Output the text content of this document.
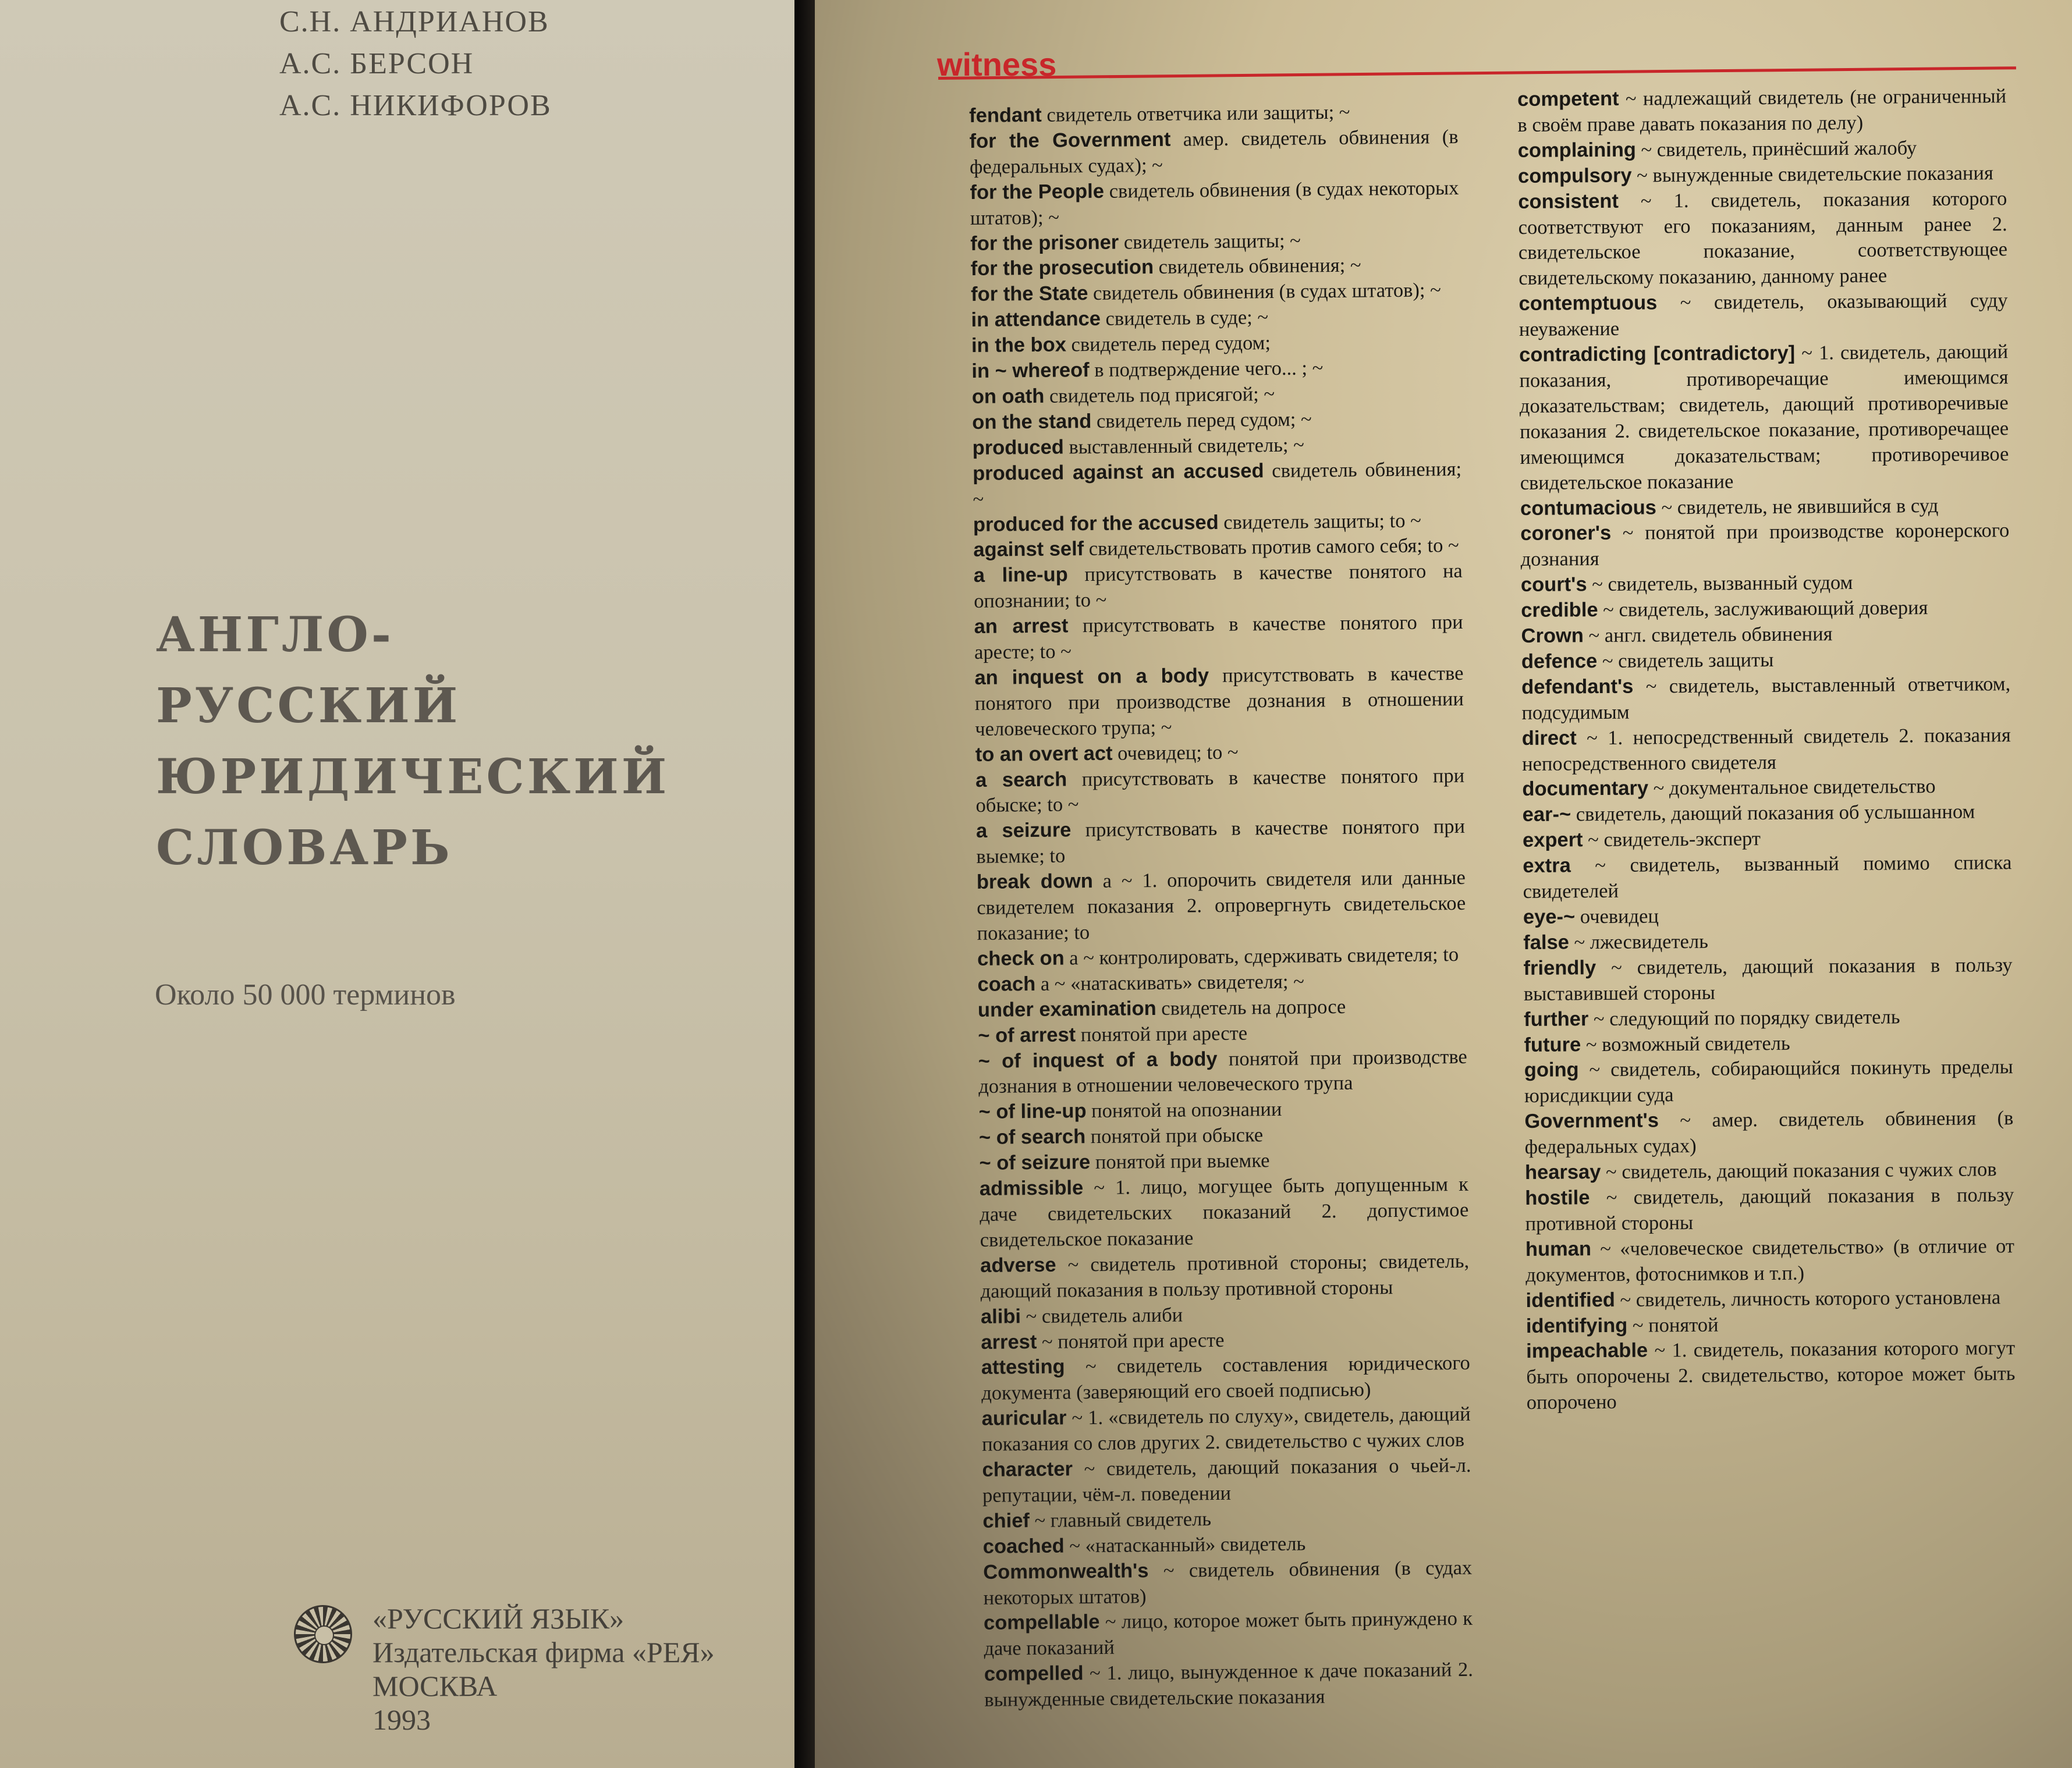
С.Н. АНДРИАНОВ
А.С. БЕРСОН
А.С. НИКИФОРОВ
АНГЛО-
РУССКИЙ
ЮРИДИЧЕСКИЙ
СЛОВАРЬ
Около 50 000 терминов
«РУССКИЙ ЯЗЫК»
Издательская фирма «РЕЯ»
МОСКВА
1993
witness

fendant свидетель ответчика или защиты; ~

for the Government амер. свидетель обвинения (в федеральных судах); ~

for the People свидетель обвинения (в судах некоторых штатов); ~

for the prisoner свидетель защиты; ~

for the prosecution свидетель обвинения; ~

for the State свидетель обвинения (в судах штатов); ~

in attendance свидетель в суде; ~

in the box свидетель перед судом;

in ~ whereof в подтверждение чего... ; ~

on oath свидетель под присягой; ~

on the stand свидетель перед судом; ~

produced выставленный свидетель; ~

produced against an accused свидетель обвинения; ~

produced for the accused свидетель защиты; to ~

against self свидетельствовать против самого себя; to ~

a line-up присутствовать в качестве понятого на опознании; to ~

an arrest присутствовать в качестве понятого при аресте; to ~

an inquest on a body присутствовать в качестве понятого при производстве дознания в отношении человеческого трупа; ~

to an overt act очевидец; to ~

a search присутствовать в качестве понятого при обыске; to ~

a seizure присутствовать в качестве понятого при выемке; to

break down a ~ 1. опорочить свидетеля или данные свидетелем показания 2. опровергнуть свидетельское показание; to

check on a ~ контролировать, сдерживать свидетеля; to

coach a ~ «натаскивать» свидетеля; ~

under examination свидетель на допросе

~ of arrest понятой при аресте

~ of inquest of a body понятой при производстве дознания в отношении человеческого трупа

~ of line-up понятой на опознании

~ of search понятой при обыске

~ of seizure понятой при выемке

admissible ~ 1. лицо, могущее быть допущенным к даче свидетельских показаний 2. допустимое свидетельское показание

adverse ~ свидетель противной стороны; свидетель, дающий показания в пользу противной стороны

alibi ~ свидетель алиби

arrest ~ понятой при аресте

attesting ~ свидетель составления юридического документа (заверяющий его своей подписью)

auricular ~ 1. «свидетель по слуху», свидетель, дающий показания со слов других 2. свидетельство с чужих слов

character ~ свидетель, дающий показания о чьей-л. репутации, чём-л. поведении

chief ~ главный свидетель

coached ~ «натасканный» свидетель

Commonwealth's ~ свидетель обвинения (в судах некоторых штатов)

compellable ~ лицо, которое может быть принуждено к даче показаний

compelled ~ 1. лицо, вынужденное к даче показаний 2. вынужденные свидетельские показания

competent ~ надлежащий свидетель (не ограниченный в своём праве давать показания по делу)

complaining ~ свидетель, принёсший жалобу

compulsory ~ вынужденные свидетельские показания

consistent ~ 1. свидетель, показания которого соответствуют его показаниям, данным ранее 2. свидетельское показание, соответствующее свидетельскому показанию, данному ранее

contemptuous ~ свидетель, оказывающий суду неуважение

contradicting [contradictory] ~ 1. свидетель, дающий показания, противоречащие имеющимся доказательствам; свидетель, дающий противоречивые показания 2. свидетельское показание, противоречащее имеющимся доказательствам; противоречивое свидетельское показание

contumacious ~ свидетель, не явившийся в суд

coroner's ~ понятой при производстве коронерского дознания

court's ~ свидетель, вызванный судом

credible ~ свидетель, заслуживающий доверия

Crown ~ англ. свидетель обвинения

defence ~ свидетель защиты

defendant's ~ свидетель, выставленный ответчиком, подсудимым

direct ~ 1. непосредственный свидетель 2. показания непосредственного свидетеля

documentary ~ документальное свидетельство

ear-~ свидетель, дающий показания об услышанном

expert ~ свидетель-эксперт

extra ~ свидетель, вызванный помимо списка свидетелей

eye-~ очевидец

false ~ лжесвидетель

friendly ~ свидетель, дающий показания в пользу выставившей стороны

further ~ следующий по порядку свидетель

future ~ возможный свидетель

going ~ свидетель, собирающийся покинуть пределы юрисдикции суда

Government's ~ амер. свидетель обвинения (в федеральных судах)

hearsay ~ свидетель, дающий показания с чужих слов

hostile ~ свидетель, дающий показания в пользу противной стороны

human ~ «человеческое свидетельство» (в отличие от документов, фотоснимков и т.п.)

identified ~ свидетель, личность которого установлена

identifying ~ понятой

impeachable ~ 1. свидетель, показания которого могут быть опорочены 2. свидетельство, которое может быть опорочено
